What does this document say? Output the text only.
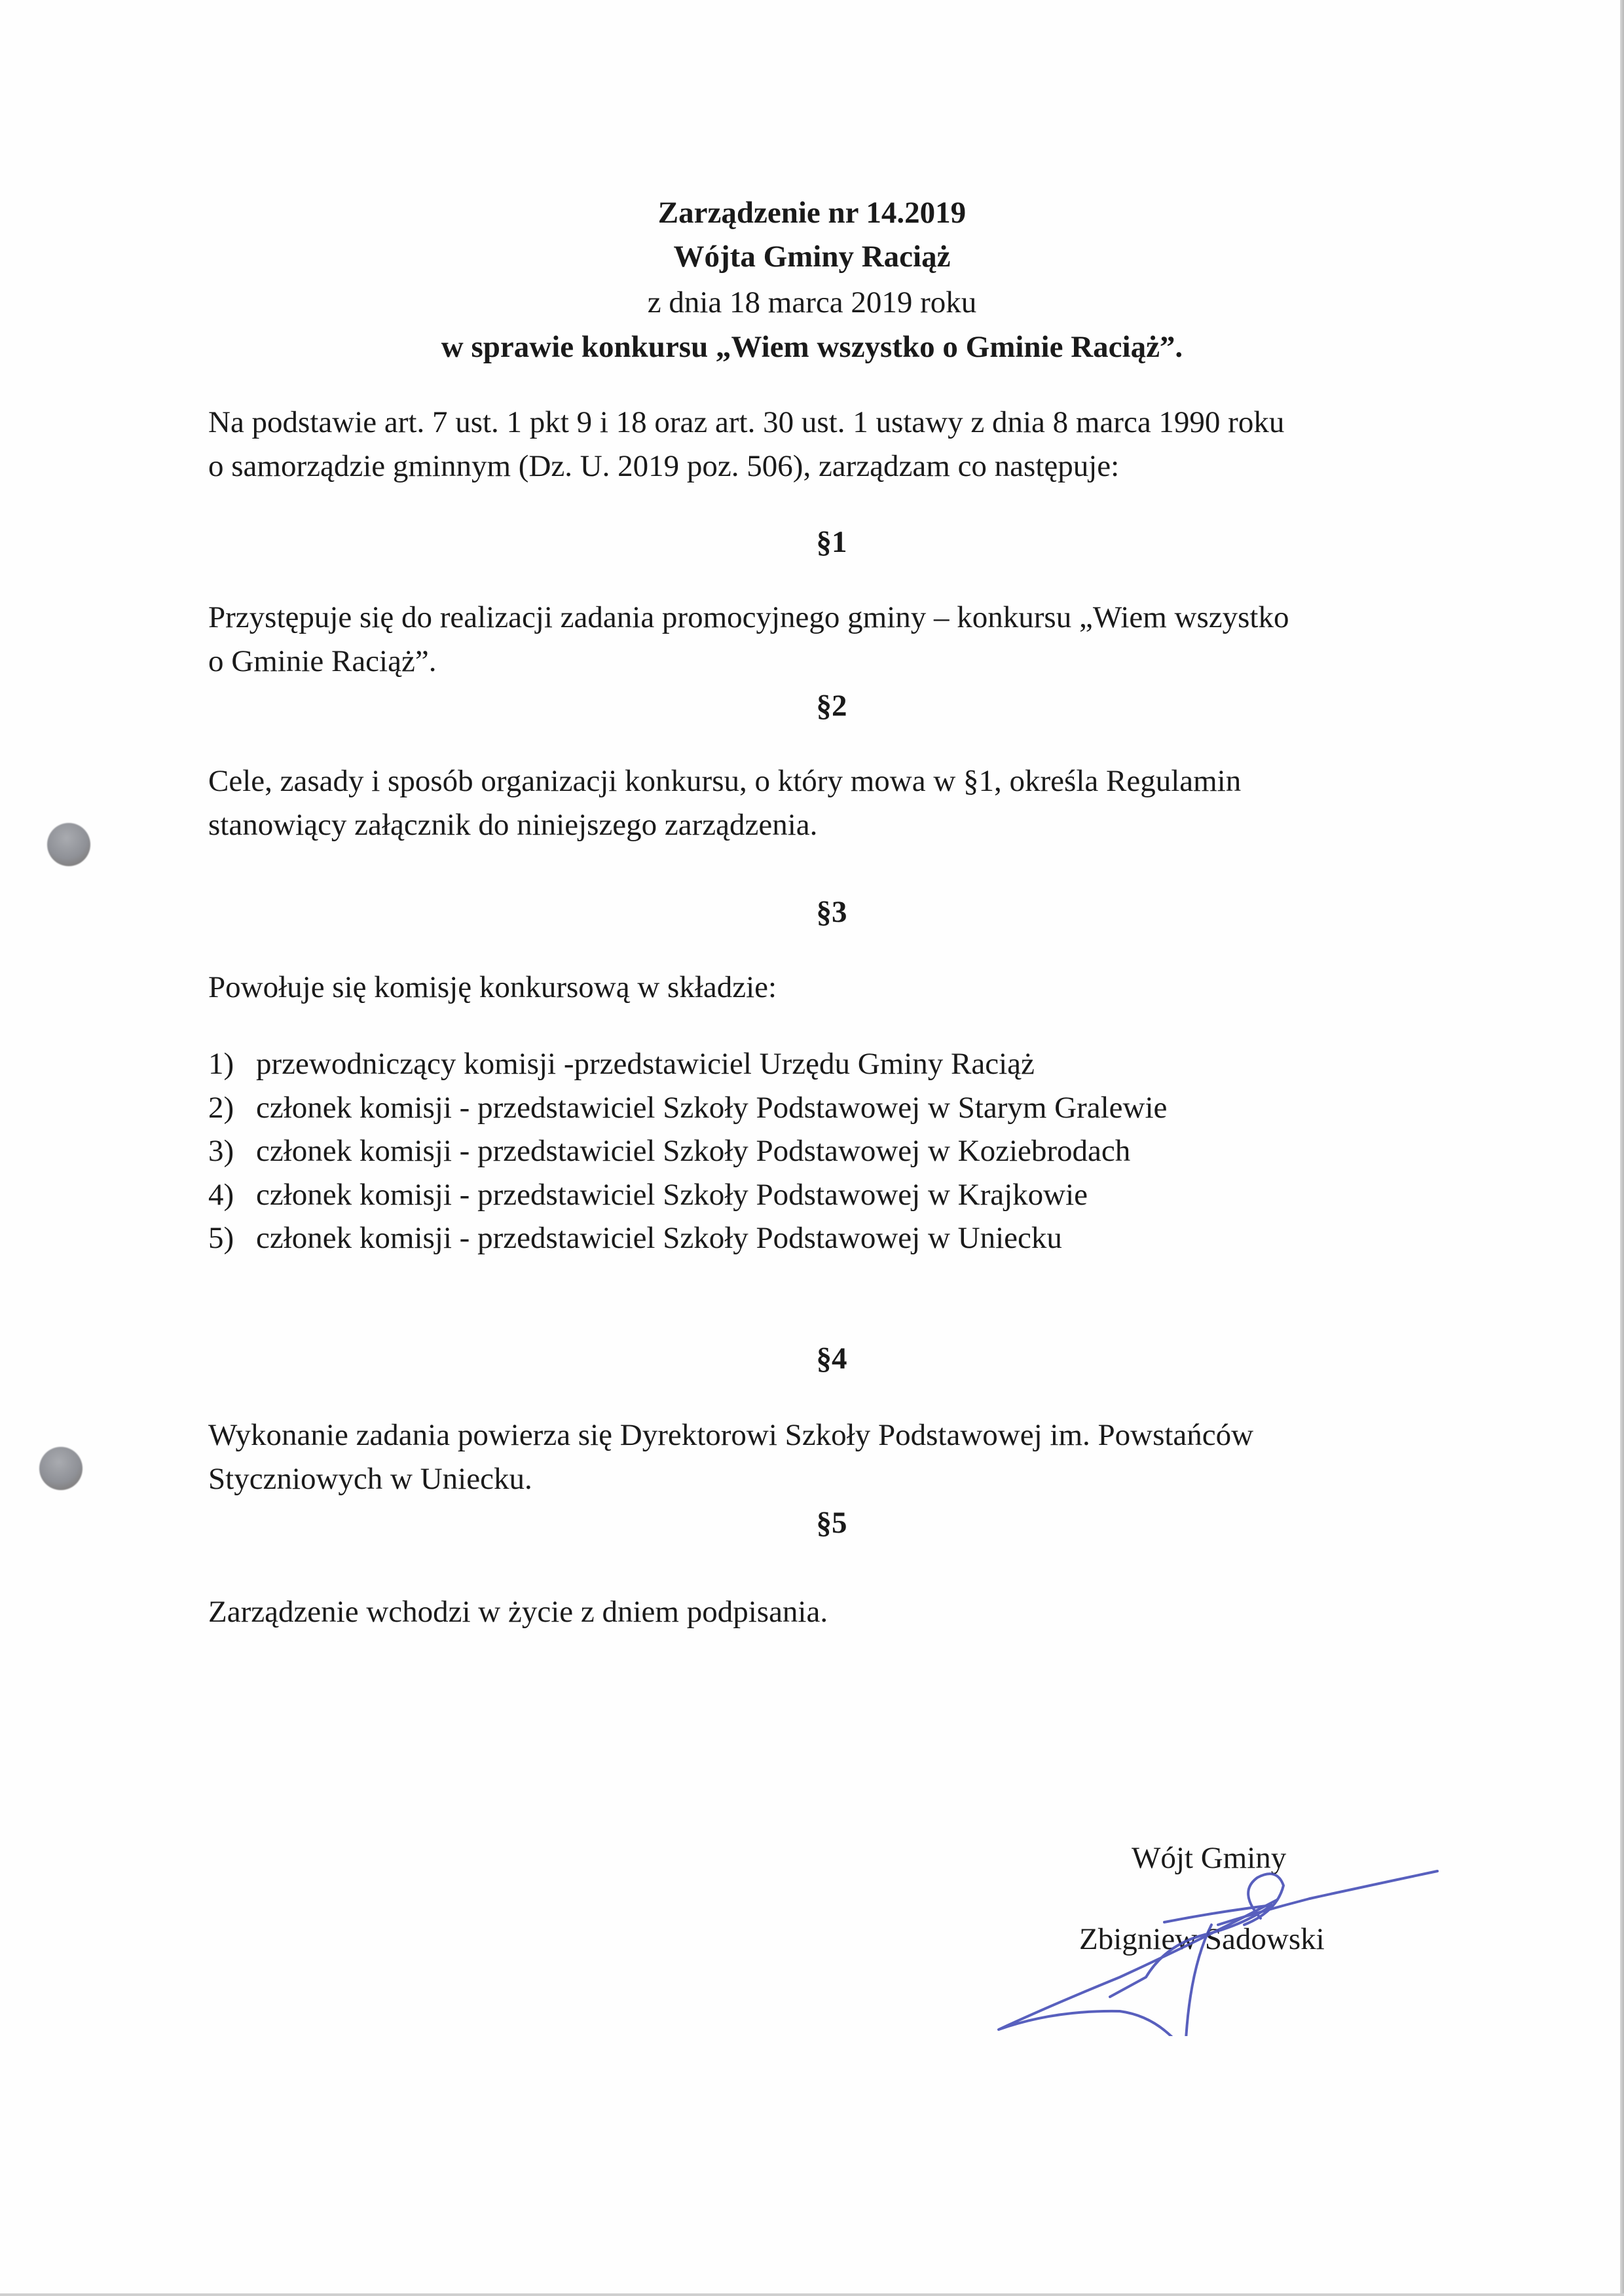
Zarządzenie nr 14.2019
Wójta Gminy Raciąż
z dnia 18 marca 2019 roku
w sprawie konkursu „Wiem wszystko o Gminie Raciąż”.
Na podstawie art. 7 ust. 1 pkt 9 i 18 oraz art. 30 ust. 1 ustawy z dnia 8 marca 1990 roku
o samorządzie gminnym (Dz. U. 2019 poz. 506), zarządzam co następuje:
§1
Przystępuje się do realizacji zadania promocyjnego gminy – konkursu „Wiem wszystko
o Gminie Raciąż”.
§2
Cele, zasady i sposób organizacji konkursu, o który mowa w §1, określa Regulamin
stanowiący załącznik do niniejszego zarządzenia.
§3
Powołuje się komisję konkursową w składzie:
1) przewodniczący komisji -przedstawiciel Urzędu Gminy Raciąż
2) członek komisji - przedstawiciel Szkoły Podstawowej w Starym Gralewie
3) członek komisji - przedstawiciel Szkoły Podstawowej w Koziebrodach
4) członek komisji - przedstawiciel Szkoły Podstawowej w Krajkowie
5) członek komisji - przedstawiciel Szkoły Podstawowej w Uniecku
§4
Wykonanie zadania powierza się Dyrektorowi Szkoły Podstawowej im. Powstańców
Styczniowych w Uniecku.
§5
Zarządzenie wchodzi w życie z dniem podpisania.
Wójt Gminy
Zbigniew Sadowski
